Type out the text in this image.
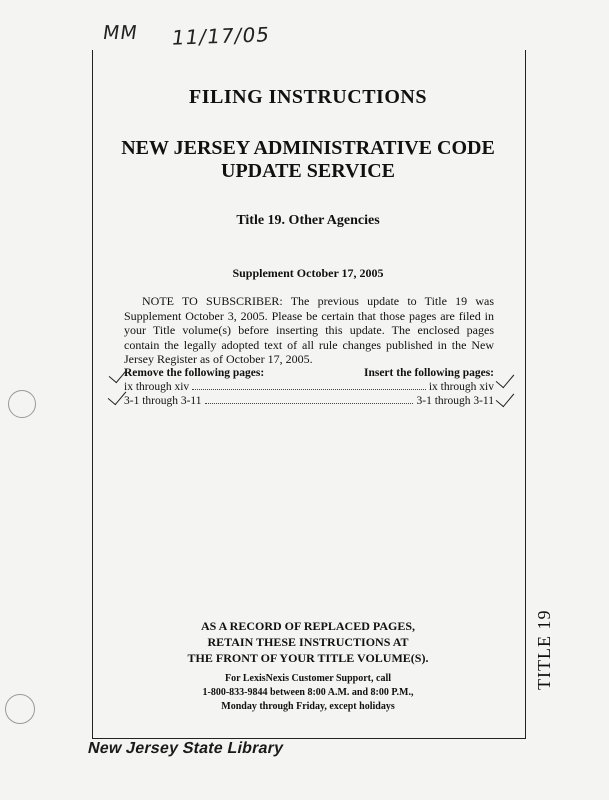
MM 11/17/05
FILING INSTRUCTIONS
NEW JERSEY ADMINISTRATIVE CODE
UPDATE SERVICE
Title 19. Other Agencies
Supplement October 17, 2005
NOTE TO SUBSCRIBER: The previous update to Title 19 was Supplement October 3, 2005. Please be certain that those pages are filed in your Title volume(s) before inserting this update. The enclosed pages contain the legally adopted text of all rule changes published in the New Jersey Register as of October 17, 2005.
Remove the following pages:	Insert the following pages:
ix through xiv	ix through xiv
3-1 through 3-11	3-1 through 3-11
AS A RECORD OF REPLACED PAGES,
RETAIN THESE INSTRUCTIONS AT
THE FRONT OF YOUR TITLE VOLUME(S).
For LexisNexis Customer Support, call
1-800-833-9844 between 8:00 A.M. and 8:00 P.M.,
Monday through Friday, except holidays
TITLE 19
New Jersey State Library
